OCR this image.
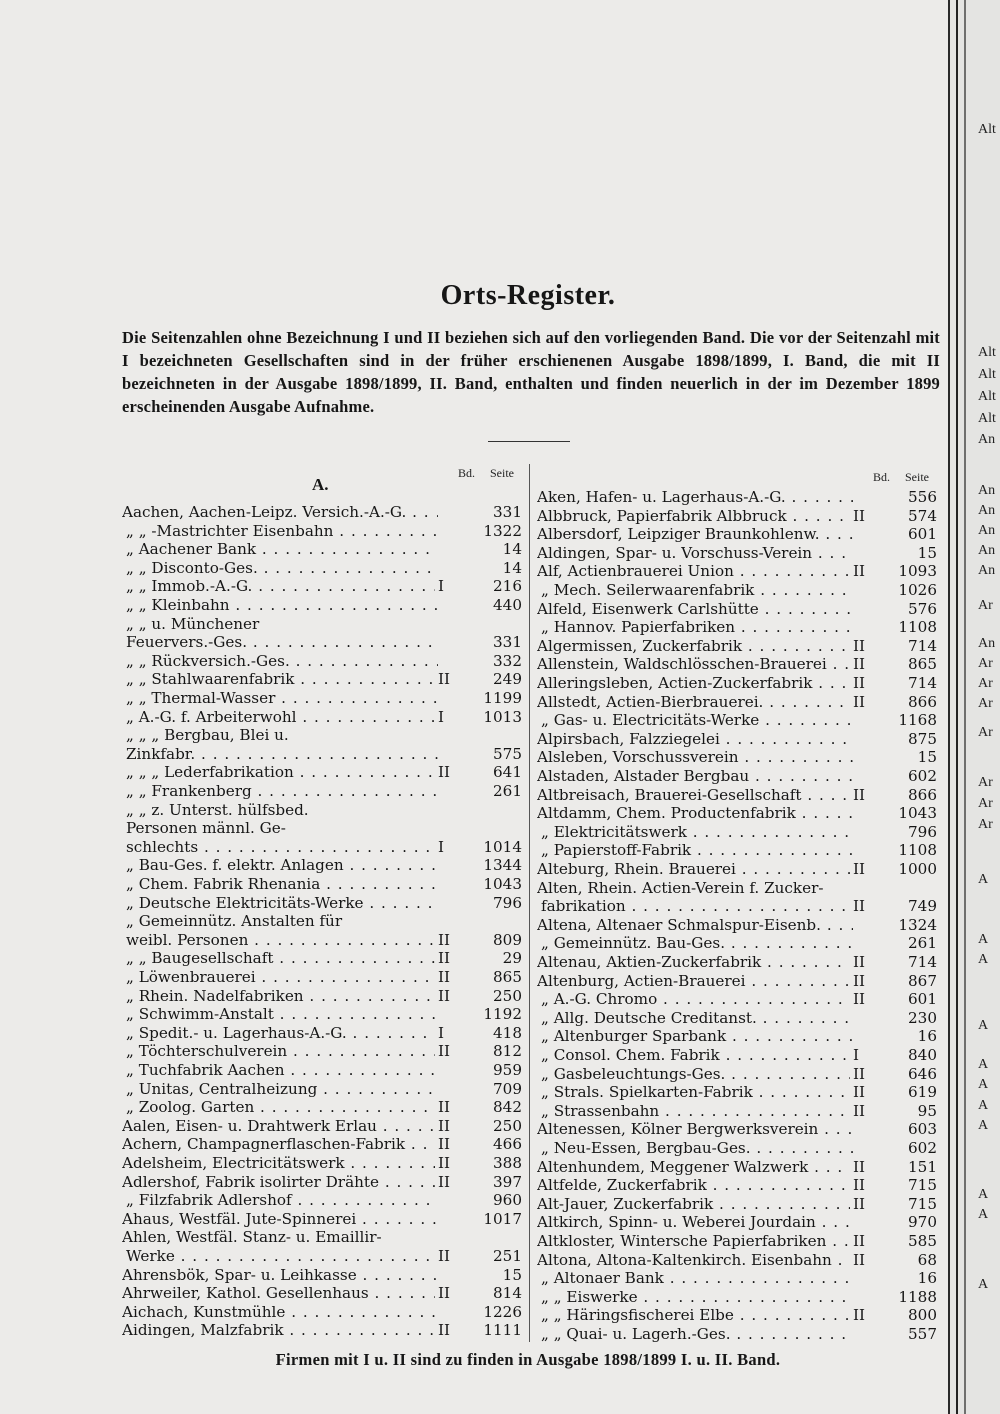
Orts-Register.

Die Seitenzahlen ohne Bezeichnung I und II beziehen sich auf den vorliegenden Band. Die vor der Seitenzahl mit I bezeichneten Gesellschaften sind in der früher erschienenen Ausgabe 1898/1899, I. Band, die mit II bezeichneten in der Ausgabe 1898/1899, II. Band, enthalten und finden neuerlich in der im Dezember 1899 erscheinenden Ausgabe Aufnahme.

A.
Bd. Seite	Bd. Seite
Aachen, Aachen-Leipz. Versich.-A.-G. . . .	331
„ „ -Mastrichter Eisenbahn . . .	1322
„ Aachener Bank . . .	14
„ „ Disconto-Ges. . . .	14
„ „ Immob.-A.-G. . . .	I	216
„ „ Kleinbahn . . .	440
„ „ u. Münchener
Feuervers.-Ges. . . .	331
„ „ Rückversich.-Ges. . . .	332
„ „ Stahlwaarenfabrik . . .	II	249
„ „ Thermal-Wasser . . .	1199
„ A.-G. f. Arbeiterwohl . . .	I	1013
„ „ „ Bergbau, Blei u.
Zinkfabr. . . .	575
„ „ „ Lederfabrikation . . .	II	641
„ „ Frankenberg . . .	261
„ „ z. Unterst. hülfsbed.
Personen männl. Ge-
schlechts . . .	I	1014
„ Bau-Ges. f. elektr. Anlagen . . .	1344
„ Chem. Fabrik Rhenania . . .	1043
„ Deutsche Elektricitäts-Werke . . .	796
„ Gemeinnütz. Anstalten für
weibl. Personen . . .	II	809
„ „ Baugesellschaft . . .	II	29
„ Löwenbrauerei . . .	II	865
„ Rhein. Nadelfabriken . . .	II	250
„ Schwimm-Anstalt . . .	1192
„ Spedit.- u. Lagerhaus-A.-G. . . .	I	418
„ Töchterschulverein . . .	II	812
„ Tuchfabrik Aachen . . .	959
„ Unitas, Centralheizung . . .	709
„ Zoolog. Garten . . .	II	842
Aalen, Eisen- u. Drahtwerk Erlau . . .	II	250
Achern, Champagnerflaschen-Fabrik . . .	II	466
Adelsheim, Electricitätswerk . . .	II	388
Adlershof, Fabrik isolirter Drähte . . .	II	397
„ Filzfabrik Adlershof . . .	960
Ahaus, Westfäl. Jute-Spinnerei . . .	1017
Ahlen, Westfäl. Stanz- u. Emaillir-
Werke . . .	II	251
Ahrensbök, Spar- u. Leihkasse . . .	15
Ahrweiler, Kathol. Gesellenhaus . . .	II	814
Aichach, Kunstmühle . . .	1226
Aidingen, Malzfabrik . . .	II	1111
Aken, Hafen- u. Lagerhaus-A.-G. . . .	556
Albbruck, Papierfabrik Albbruck . . .	II	574
Albersdorf, Leipziger Braunkohlenw. . . .	601
Aldingen, Spar- u. Vorschuss-Verein . . .	15
Alf, Actienbrauerei Union . . .	II	1093
„ Mech. Seilerwaarenfabrik . . .	1026
Alfeld, Eisenwerk Carlshütte . . .	576
„ Hannov. Papierfabriken . . .	1108
Algermissen, Zuckerfabrik . . .	II	714
Allenstein, Waldschlösschen-Brauerei . . .	II	865
Alleringsleben, Actien-Zuckerfabrik . . .	II	714
Allstedt, Actien-Bierbrauerei. . . .	II	866
„ Gas- u. Electricitäts-Werke . . .	1168
Alpirsbach, Falzziegelei . . .	875
Alsleben, Vorschussverein . . .	15
Alstaden, Alstader Bergbau . . .	602
Altbreisach, Brauerei-Gesellschaft . . .	II	866
Altdamm, Chem. Productenfabrik . . .	1043
„ Elektricitätswerk . . .	796
„ Papierstoff-Fabrik . . .	1108
Alteburg, Rhein. Brauerei . . .	II	1000
Alten, Rhein. Actien-Verein f. Zucker-
fabrikation . . .	II	749
Altena, Altenaer Schmalspur-Eisenb. . . .	1324
„ Gemeinnütz. Bau-Ges. . . .	261
Altenau, Aktien-Zuckerfabrik . . .	II	714
Altenburg, Actien-Brauerei . . .	II	867
„ A.-G. Chromo . . .	II	601
„ Allg. Deutsche Creditanst. . . .	230
„ Altenburger Sparbank . . .	16
„ Consol. Chem. Fabrik . . .	I	840
„ Gasbeleuchtungs-Ges. . . .	II	646
„ Strals. Spielkarten-Fabrik . . .	II	619
„ Strassenbahn . . .	II	95
Altenessen, Kölner Bergwerksverein . . .	603
„ Neu-Essen, Bergbau-Ges. . . .	602
Altenhundem, Meggener Walzwerk . . .	II	151
Altfelde, Zuckerfabrik . . .	II	715
Alt-Jauer, Zuckerfabrik . . .	II	715
Altkirch, Spinn- u. Weberei Jourdain . . .	970
Altkloster, Wintersche Papierfabriken . . .	II	585
Altona, Altona-Kaltenkirch. Eisenbahn . . .	II	68
„ Altonaer Bank . . .	16
„ „ Eiswerke . . .	1188
„ „ Häringsfischerei Elbe . . .	II	800
„ „ Quai- u. Lagerh.-Ges. . . .	557
Firmen mit I u. II sind zu finden in Ausgabe 1898/1899 I. u. II. Band.
Alt
Alt
Alt
Alt
Alt
An
An
An
An
An
An
Ar
An
Ar
Ar
Ar
Ar
Ar
Ar
Ar
A
A
A
A
A
A
A
A
A
A
A
